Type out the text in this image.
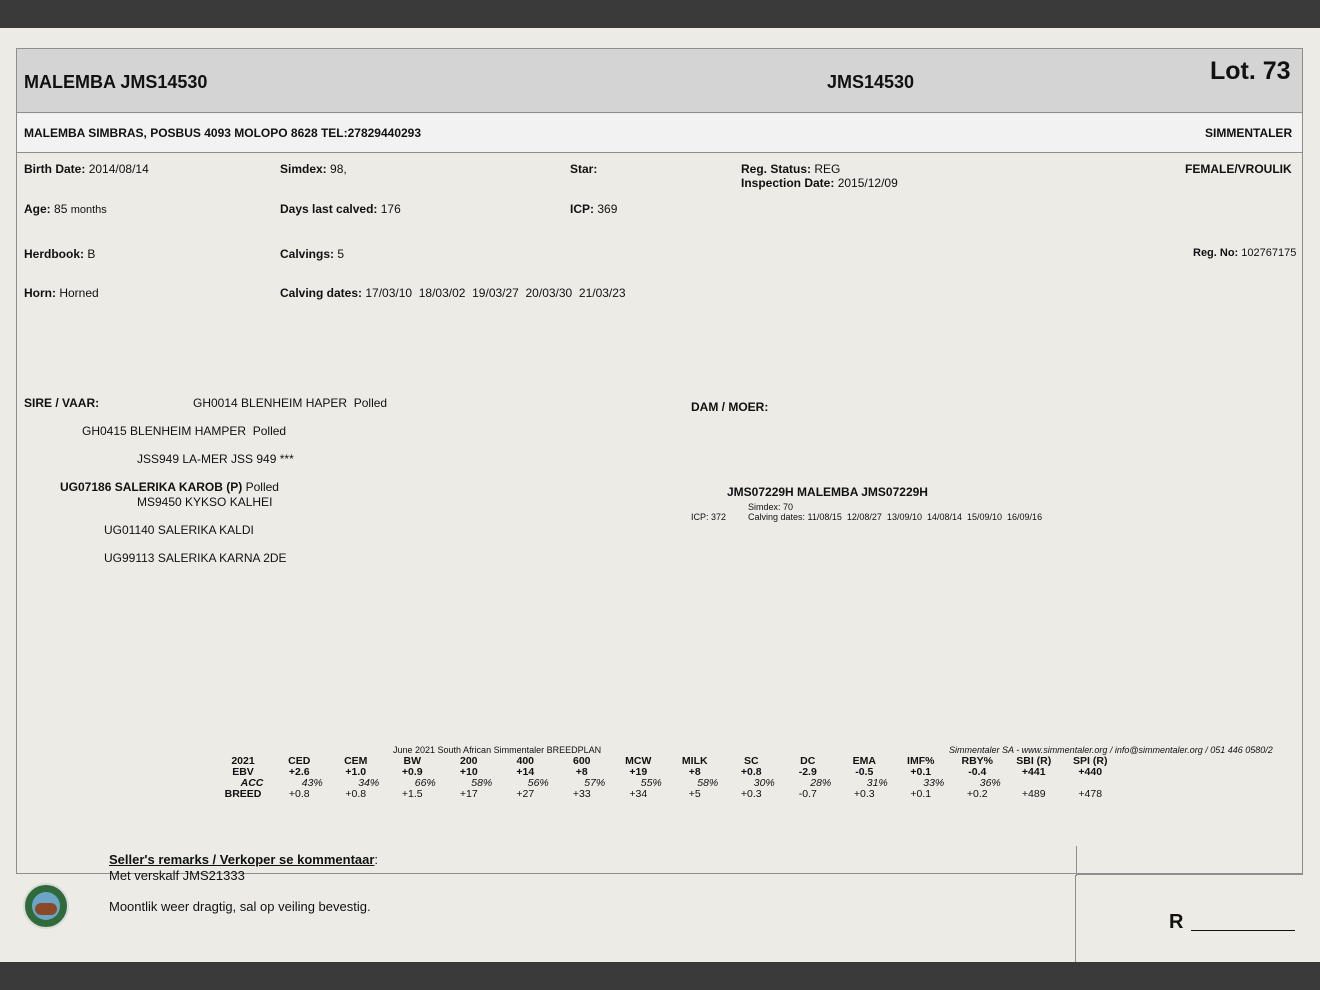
MALEMBA JMS14530	JMS14530	Lot. 73
MALEMBA SIMBRAS, POSBUS 4093 MOLOPO 8628 TEL:27829440293	SIMMENTALER
Birth Date: 2014/08/14	Simdex: 98,	Star:	Reg. Status: REG
Inspection Date: 2015/12/09
FEMALE/VROULIK
Age: 85 months	Days last calved: 176	ICP: 369
Herdbook: B	Calvings: 5	Reg. No: 102767175
Horn: Horned	Calving dates: 17/03/10  18/03/02  19/03/27  20/03/30  21/03/23
SIRE / VAAR:	GH0014 BLENHEIM HAPER  Polled
GH0415 BLENHEIM HAMPER  Polled
JSS949 LA-MER JSS 949 ***
UG07186 SALERIKA KAROB (P) Polled
MS9450 KYKSO KALHEI
UG01140 SALERIKA KALDI
UG99113 SALERIKA KARNA 2DE
DAM / MOER:
JMS07229H MALEMBA JMS07229H
Simdex: 70
ICP: 372 Calving dates: 11/08/15  12/08/27  13/09/10  14/08/14  15/09/10  16/09/16
June 2021 South African Simmentaler BREEDPLAN	Simmentaler SA - www.simmentaler.org / info@simmentaler.org / 051 446 0580/2
2021	CED	CEM	BW	200	400	600	MCW	MILK	SC	DC	EMA	IMF%	RBY%	SBI (R)	SPI (R)
EBV	+2.6	+1.0	+0.9	+10	+14	+8	+19	+8	+0.8	-2.9	-0.5	+0.1	-0.4	+441	+440
ACC	43%	34%	66%	58%	56%	57%	55%	58%	30%	28%	31%	33%	36%		
BREED	+0.8	+0.8	+1.5	+17	+27	+33	+34	+5	+0.3	-0.7	+0.3	+0.1	+0.2	+489	+478
Seller's remarks / Verkoper se kommentaar:
Met verskalf JMS21333
Moontlik weer dragtig, sal op veiling bevestig.
R
